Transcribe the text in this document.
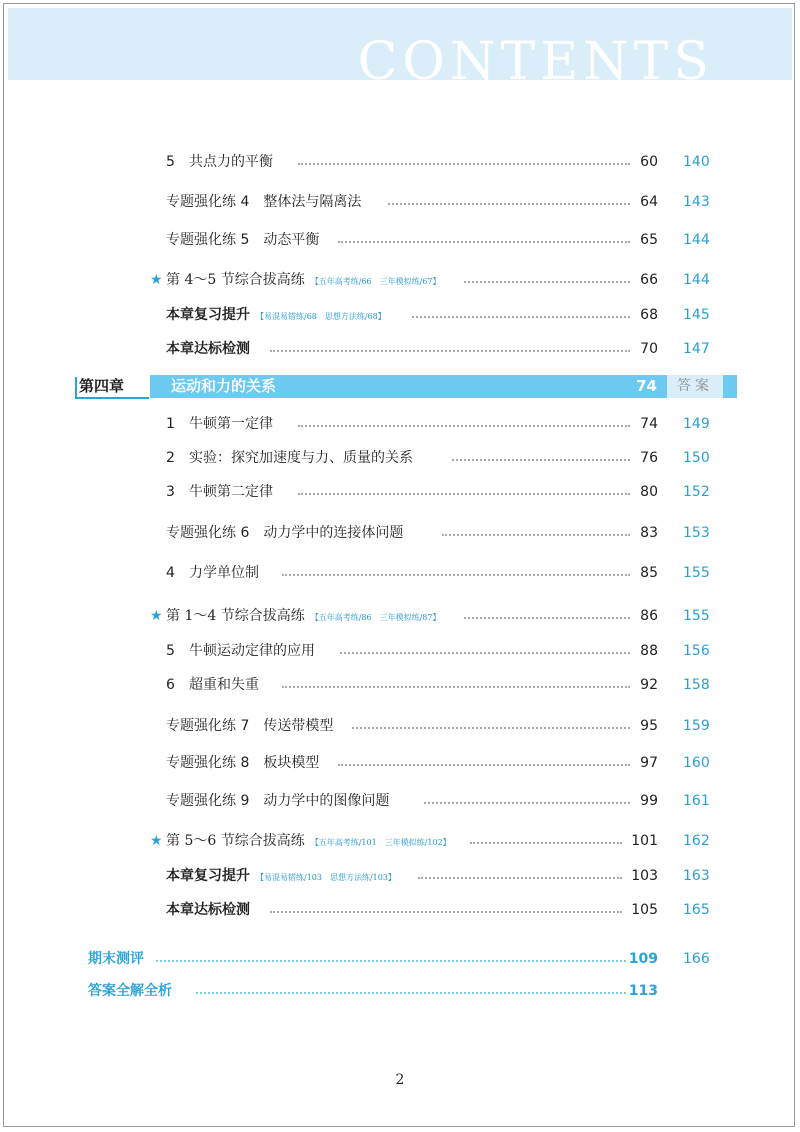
CONTENTS
5	共点力的平衡	60 140
专题强化练 4　整体法与隔离法	64 143
专题强化练 5　动态平衡	65 144
★ 第 4～5 节综合拔高练 【五年高考练/66　三年模拟练/67】	66 144
本章复习提升 【易混易错练/68　思想方法练/68】	68 145
本章达标检测	70 147
第四章	运动和力的关系	74	答案
1	牛顿第一定律	74 149
2	实验：探究加速度与力、质量的关系	76 150
3	牛顿第二定律	80 152
专题强化练 6　动力学中的连接体问题	83 153
4	力学单位制	85 155
★ 第 1～4 节综合拔高练 【五年高考练/86　三年模拟练/87】	86 155
5	牛顿运动定律的应用	88 156
6	超重和失重	92 158
专题强化练 7　传送带模型	95 159
专题强化练 8　板块模型	97 160
专题强化练 9　动力学中的图像问题	99 161
★ 第 5～6 节综合拔高练 【五年高考练/101　三年模拟练/102】	101 162
本章复习提升 【易混易错练/103　思想方法练/103】	103 163
本章达标检测	105 165
期末测评	109 166
答案全解全析	113
2
